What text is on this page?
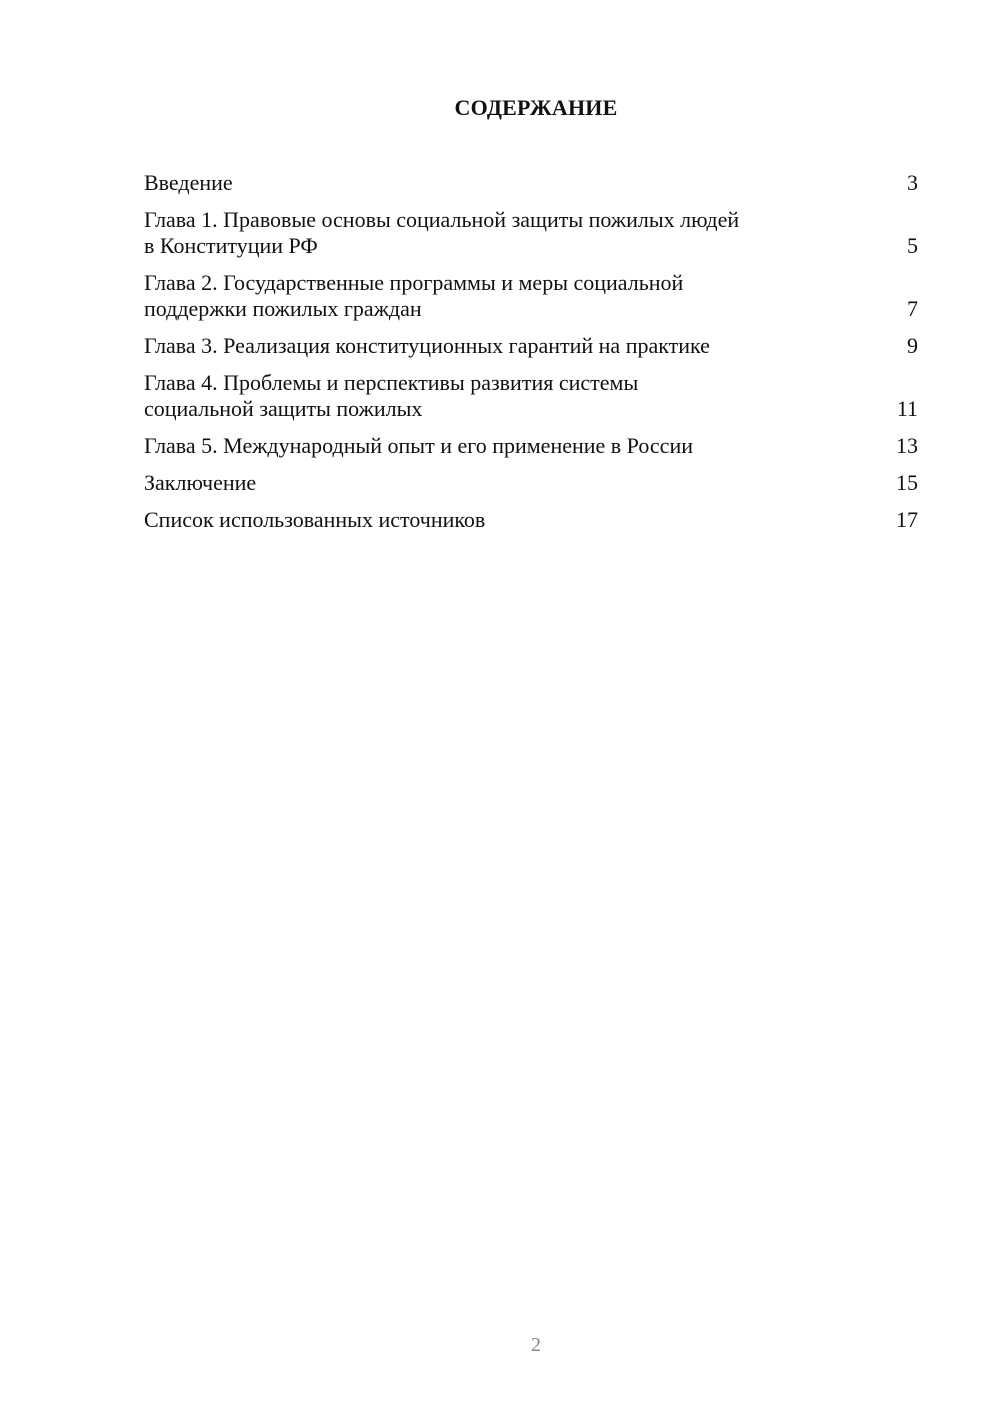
СОДЕРЖАНИЕ
Введение	3
Глава 1. Правовые основы социальной защиты пожилых людей
в Конституции РФ	5
Глава 2. Государственные программы и меры социальной
поддержки пожилых граждан	7
Глава 3. Реализация конституционных гарантий на практике	9
Глава 4. Проблемы и перспективы развития системы
социальной защиты пожилых	11
Глава 5. Международный опыт и его применение в России	13
Заключение	15
Список использованных источников	17
2
